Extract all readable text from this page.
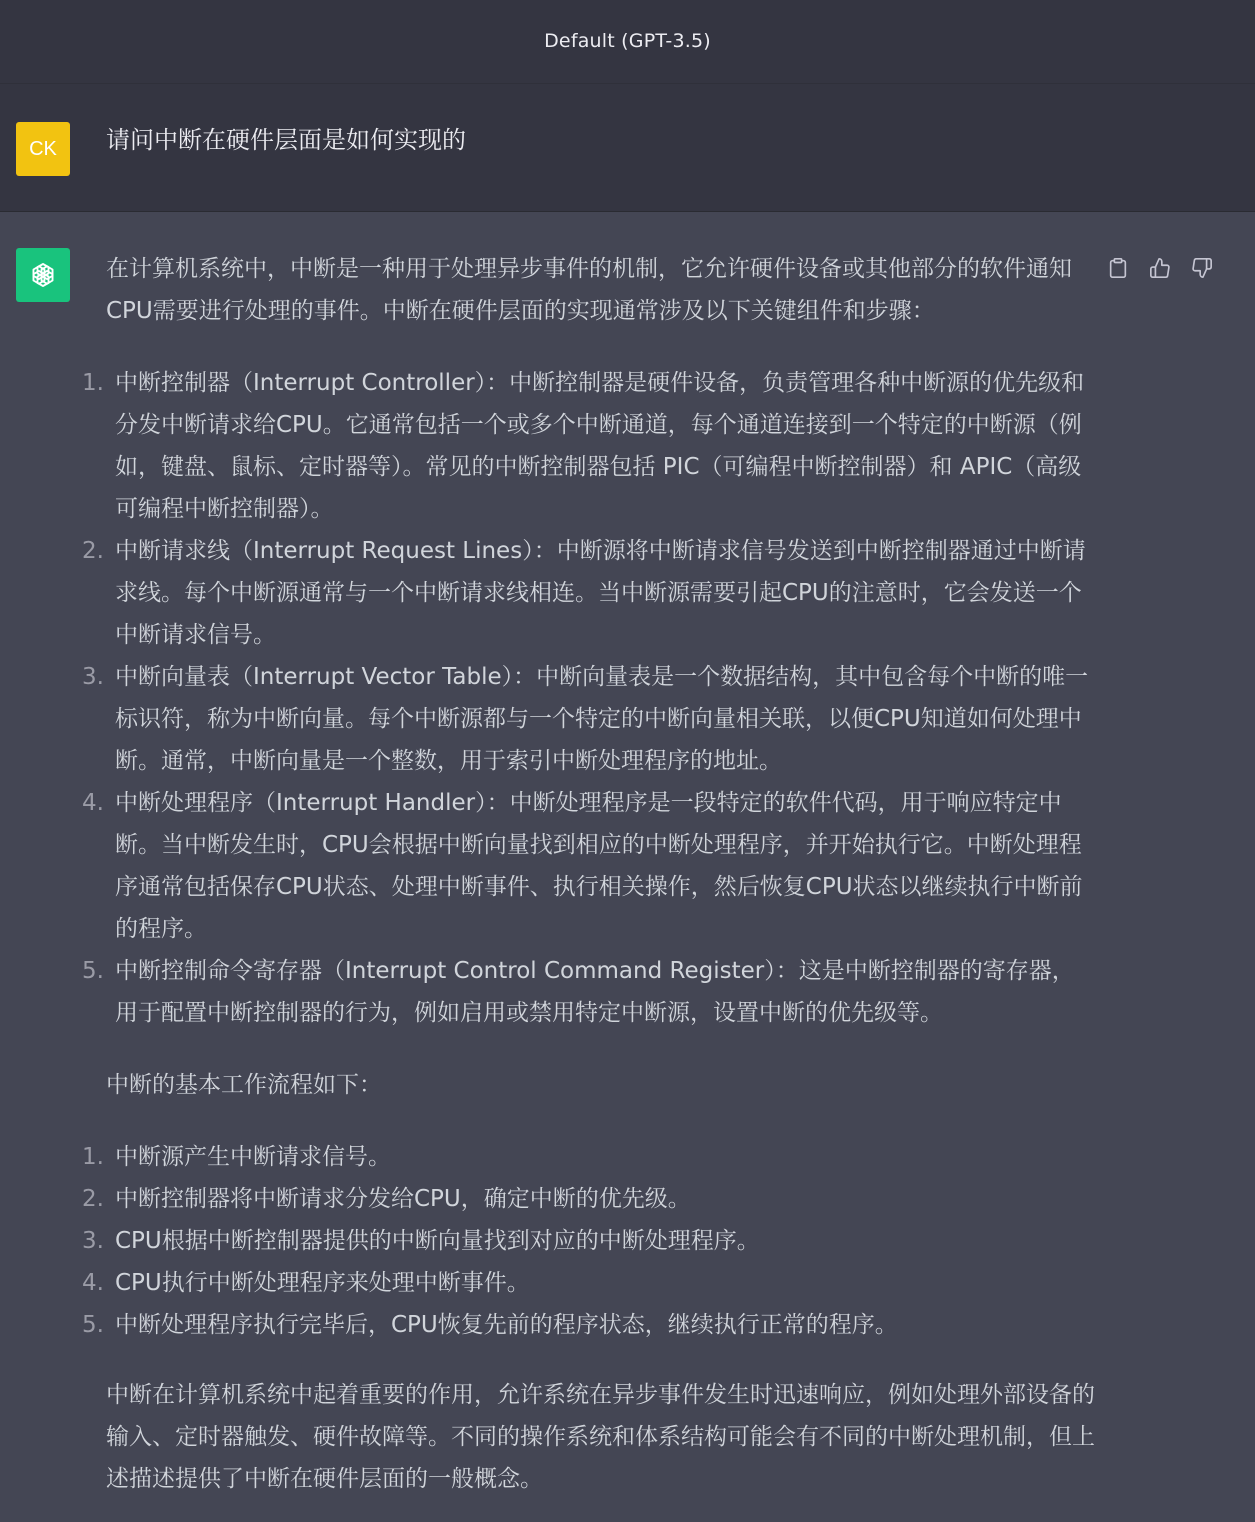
Default (GPT-3.5)
CK 请问中断在硬件层面是如何实现的

在计算机系统中，中断是一种用于处理异步事件的机制，它允许硬件设备或其他部分的软件通知CPU需要进行处理的事件。中断在硬件层面的实现通常涉及以下关键组件和步骤：

1. 中断控制器（Interrupt Controller）：中断控制器是硬件设备，负责管理各种中断源的优先级和分发中断请求给CPU。它通常包括一个或多个中断通道，每个通道连接到一个特定的中断源（例如，键盘、鼠标、定时器等）。常见的中断控制器包括 PIC（可编程中断控制器）和 APIC（高级可编程中断控制器）。
2. 中断请求线（Interrupt Request Lines）：中断源将中断请求信号发送到中断控制器通过中断请求线。每个中断源通常与一个中断请求线相连。当中断源需要引起CPU的注意时，它会发送一个中断请求信号。
3. 中断向量表（Interrupt Vector Table）：中断向量表是一个数据结构，其中包含每个中断的唯一标识符，称为中断向量。每个中断源都与一个特定的中断向量相关联，以便CPU知道如何处理中断。通常，中断向量是一个整数，用于索引中断处理程序的地址。
4. 中断处理程序（Interrupt Handler）：中断处理程序是一段特定的软件代码，用于响应特定中断。当中断发生时，CPU会根据中断向量找到相应的中断处理程序，并开始执行它。中断处理程序通常包括保存CPU状态、处理中断事件、执行相关操作，然后恢复CPU状态以继续执行中断前的程序。
5. 中断控制命令寄存器（Interrupt Control Command Register）：这是中断控制器的寄存器，用于配置中断控制器的行为，例如启用或禁用特定中断源，设置中断的优先级等。

中断的基本工作流程如下：

1. 中断源产生中断请求信号。
2. 中断控制器将中断请求分发给CPU，确定中断的优先级。
3. CPU根据中断控制器提供的中断向量找到对应的中断处理程序。
4. CPU执行中断处理程序来处理中断事件。
5. 中断处理程序执行完毕后，CPU恢复先前的程序状态，继续执行正常的程序。

中断在计算机系统中起着重要的作用，允许系统在异步事件发生时迅速响应，例如处理外部设备的输入、定时器触发、硬件故障等。不同的操作系统和体系结构可能会有不同的中断处理机制，但上述描述提供了中断在硬件层面的一般概念。
